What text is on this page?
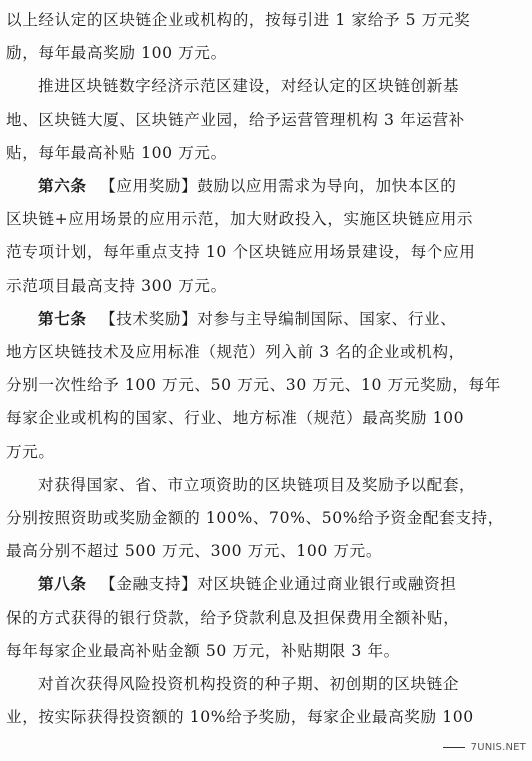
以上经认定的区块链企业或机构的，按每引进 1 家给予 5 万元奖
励，每年最高奖励 100 万元。
推进区块链数字经济示范区建设，对经认定的区块链创新基
地、区块链大厦、区块链产业园，给予运营管理机构 3 年运营补
贴，每年最高补贴 100 万元。
第六条 【应用奖励】鼓励以应用需求为导向，加快本区的
区块链+应用场景的应用示范，加大财政投入，实施区块链应用示
范专项计划，每年重点支持 10 个区块链应用场景建设，每个应用
示范项目最高支持 300 万元。
第七条 【技术奖励】对参与主导编制国际、国家、行业、
地方区块链技术及应用标准（规范）列入前 3 名的企业或机构，
分别一次性给予 100 万元、50 万元、30 万元、10 万元奖励，每年
每家企业或机构的国家、行业、地方标准（规范）最高奖励 100
万元。
对获得国家、省、市立项资助的区块链项目及奖励予以配套，
分别按照资助或奖励金额的 100%、70%、50%给予资金配套支持，
最高分别不超过 500 万元、300 万元、100 万元。
第八条 【金融支持】对区块链企业通过商业银行或融资担
保的方式获得的银行贷款，给予贷款利息及担保费用全额补贴，
每年每家企业最高补贴金额 50 万元，补贴期限 3 年。
对首次获得风险投资机构投资的种子期、初创期的区块链企
业，按实际获得投资额的 10%给予奖励，每家企业最高奖励 100
7UNIS.NET
